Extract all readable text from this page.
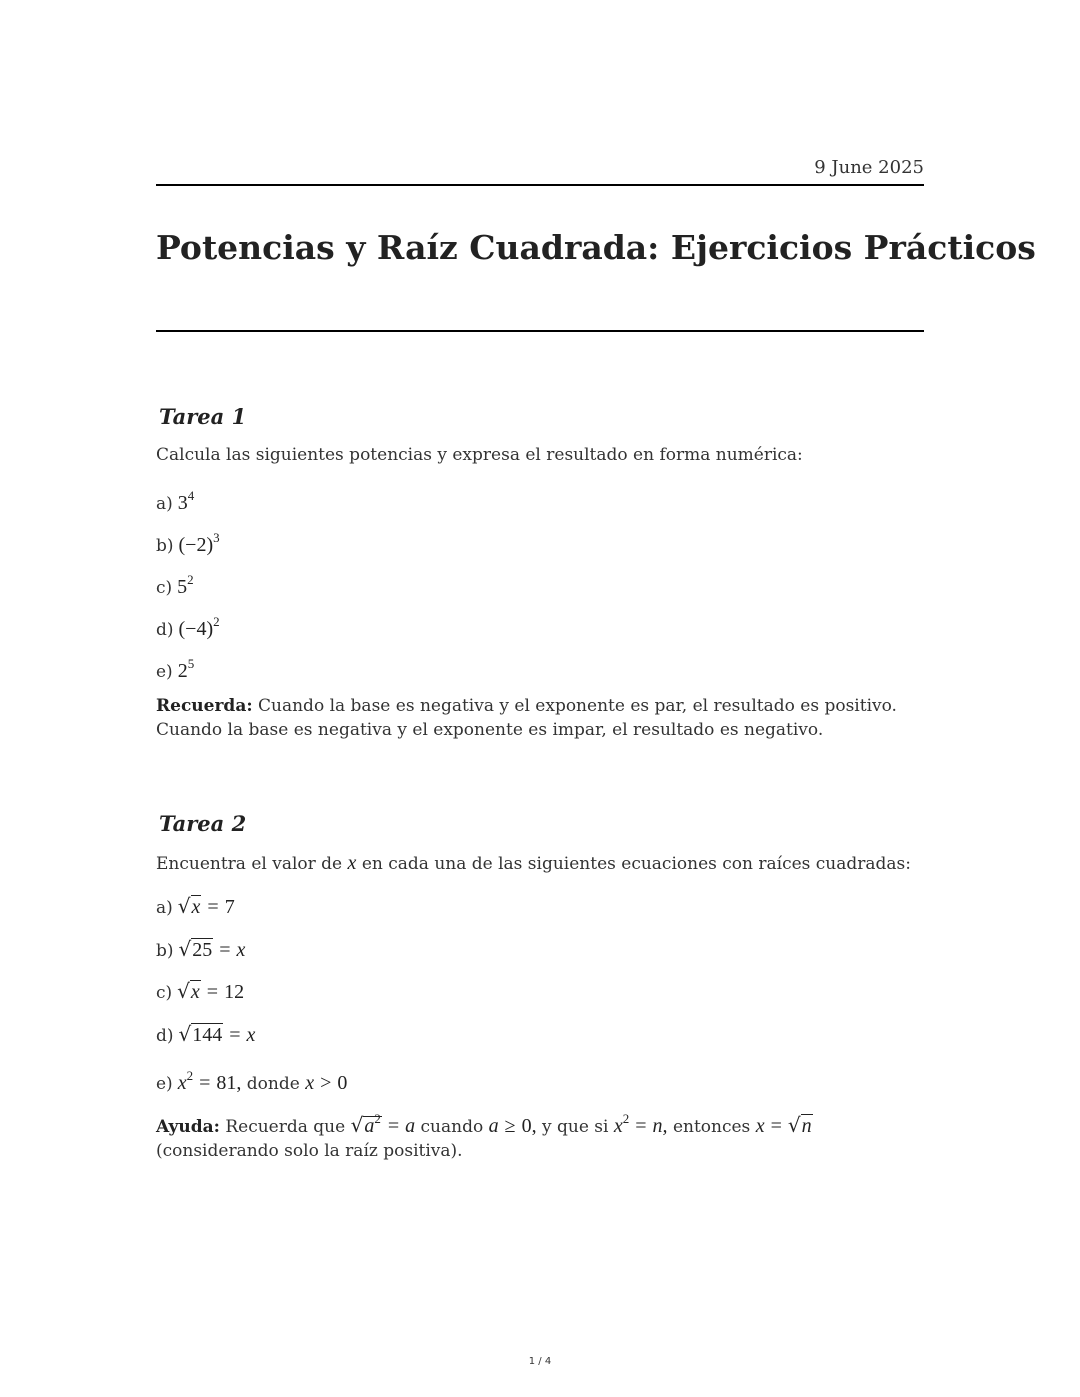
9 June 2025
Potencias y Raíz Cuadrada: Ejercicios Prácticos
Tarea 1
Calcula las siguientes potencias y expresa el resultado en forma numérica:
a) $3^4$
b) $(-2)^3$
c) $5^2$
d) $(-4)^2$
e) $2^5$
Recuerda: Cuando la base es negativa y el exponente es par, el resultado es positivo. Cuando la base es negativa y el exponente es impar, el resultado es negativo.
Tarea 2
Encuentra el valor de x en cada una de las siguientes ecuaciones con raíces cuadradas:
a) √x = 7
b) √25 = x
c) √x = 12
d) √144 = x
e) $x^2 = 81$, donde x > 0
Ayuda: Recuerda que $√a^2 = a$ cuando a ≥ 0, y que si $x^2 = n$, entonces x = √n
(considerando solo la raíz positiva).
1 / 4
